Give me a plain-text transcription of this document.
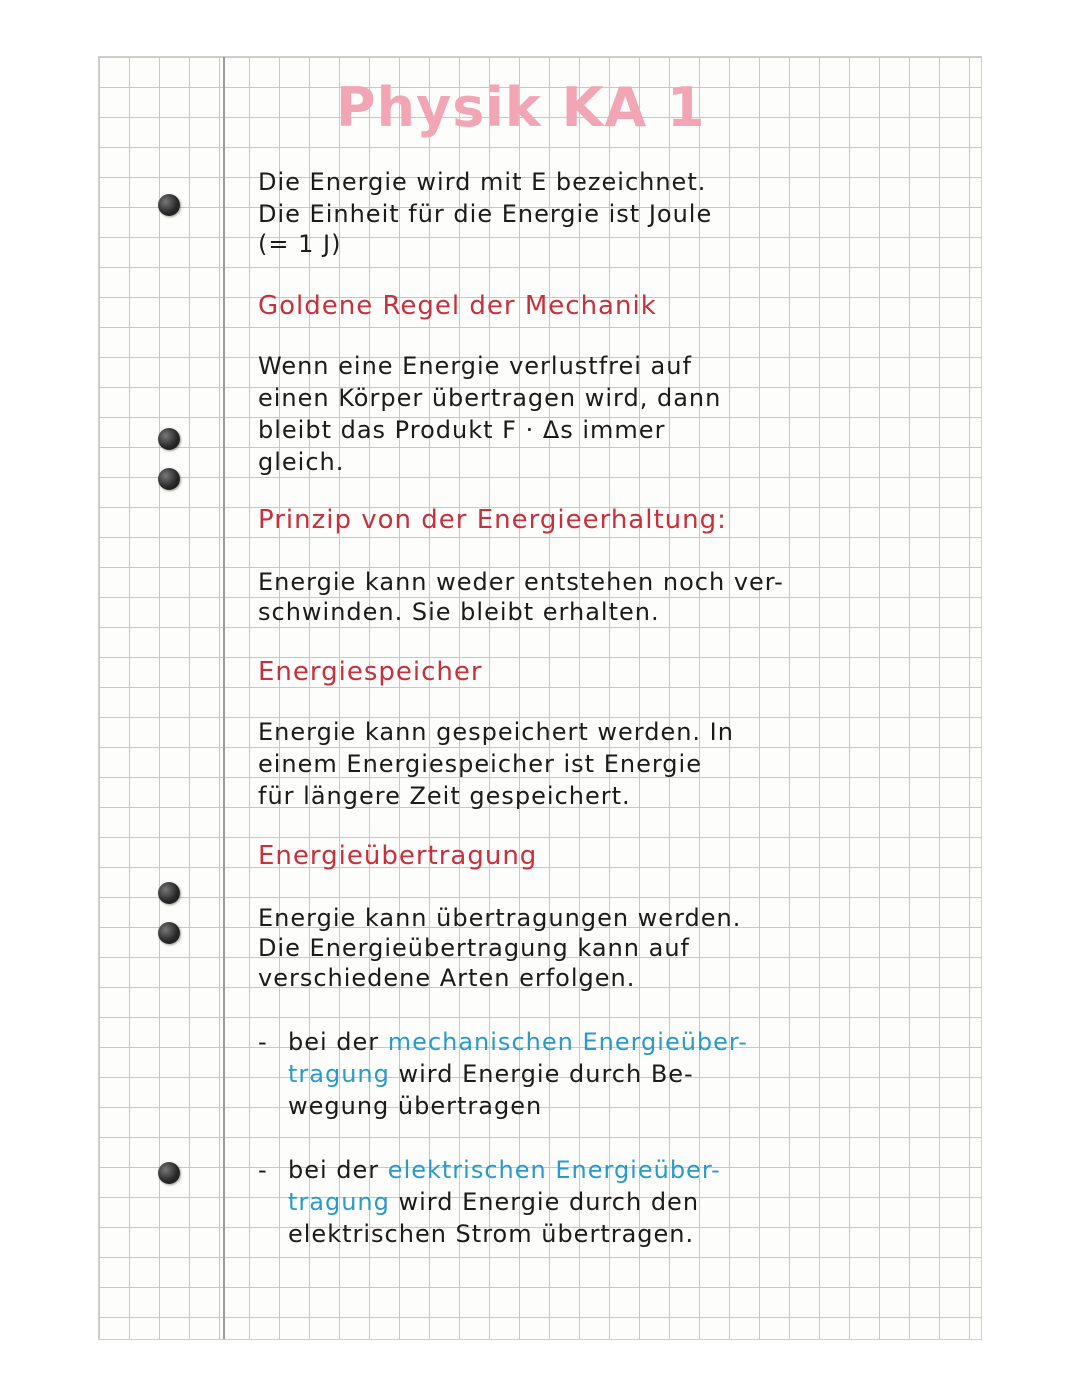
Physik KA 1
Die Energie wird mit E bezeichnet.
Die Einheit für die Energie ist Joule
(= 1 J)
Goldene Regel der Mechanik
Wenn eine Energie verlustfrei auf
einen Körper übertragen wird, dann
bleibt das Produkt F · Δs immer
gleich.
Prinzip von der Energieerhaltung:
Energie kann weder entstehen noch ver-
schwinden. Sie bleibt erhalten.
Energiespeicher
Energie kann gespeichert werden. In
einem Energiespeicher ist Energie
für längere Zeit gespeichert.
Energieübertragung
Energie kann übertragungen werden.
Die Energieübertragung kann auf
verschiedene Arten erfolgen.
- bei der mechanischen Energieüber-
tragung wird Energie durch Be-
wegung übertragen
- bei der elektrischen Energieüber-
tragung wird Energie durch den
elektrischen Strom übertragen.
